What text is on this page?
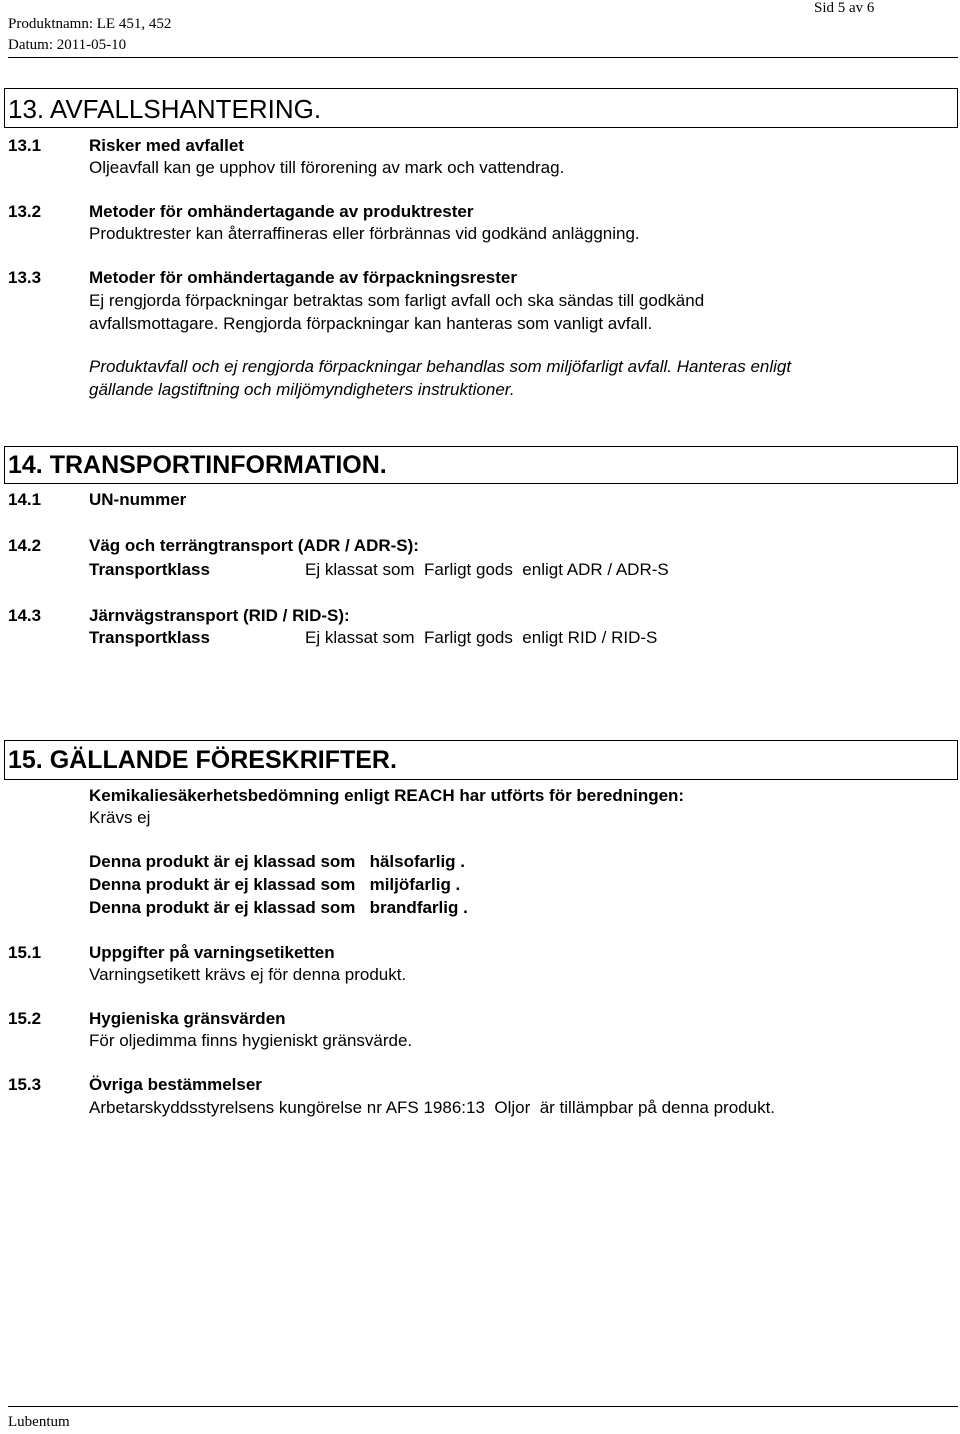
Produktnamn: LE 451, 452
Datum: 2011-05-10
Sid 5 av 6
13. AVFALLSHANTERING.
13.1	Risker med avfallet
Oljeavfall kan ge upphov till förorening av mark och vattendrag.
13.2	Metoder för omhändertagande av produktrester
Produktrester kan återraffineras eller förbrännas vid godkänd anläggning.
13.3	Metoder för omhändertagande av förpackningsrester
Ej rengjorda förpackningar betraktas som farligt avfall och ska sändas till godkänd
avfallsmottagare. Rengjorda förpackningar kan hanteras som vanligt avfall.
Produktavfall och ej rengjorda förpackningar behandlas som miljöfarligt avfall. Hanteras enligt
gällande lagstiftning och miljömyndigheters instruktioner.
14. TRANSPORTINFORMATION.
14.1	UN-nummer
14.2	Väg och terrängtransport (ADR / ADR-S):
Transportklass	Ej klassat som  Farligt gods  enligt ADR / ADR-S
14.3	Järnvägstransport (RID / RID-S):
Transportklass	Ej klassat som  Farligt gods  enligt RID / RID-S
15. GÄLLANDE FÖRESKRIFTER.
Kemikaliesäkerhetsbedömning enligt REACH har utförts för beredningen:
Krävs ej
Denna produkt är ej klassad som   hälsofarlig .
Denna produkt är ej klassad som   miljöfarlig .
Denna produkt är ej klassad som   brandfarlig .
15.1	Uppgifter på varningsetiketten
Varningsetikett krävs ej för denna produkt.
15.2	Hygieniska gränsvärden
För oljedimma finns hygieniskt gränsvärde.
15.3	Övriga bestämmelser
Arbetarskyddsstyrelsens kungörelse nr AFS 1986:13  Oljor  är tillämpbar på denna produkt.
Lubentum
